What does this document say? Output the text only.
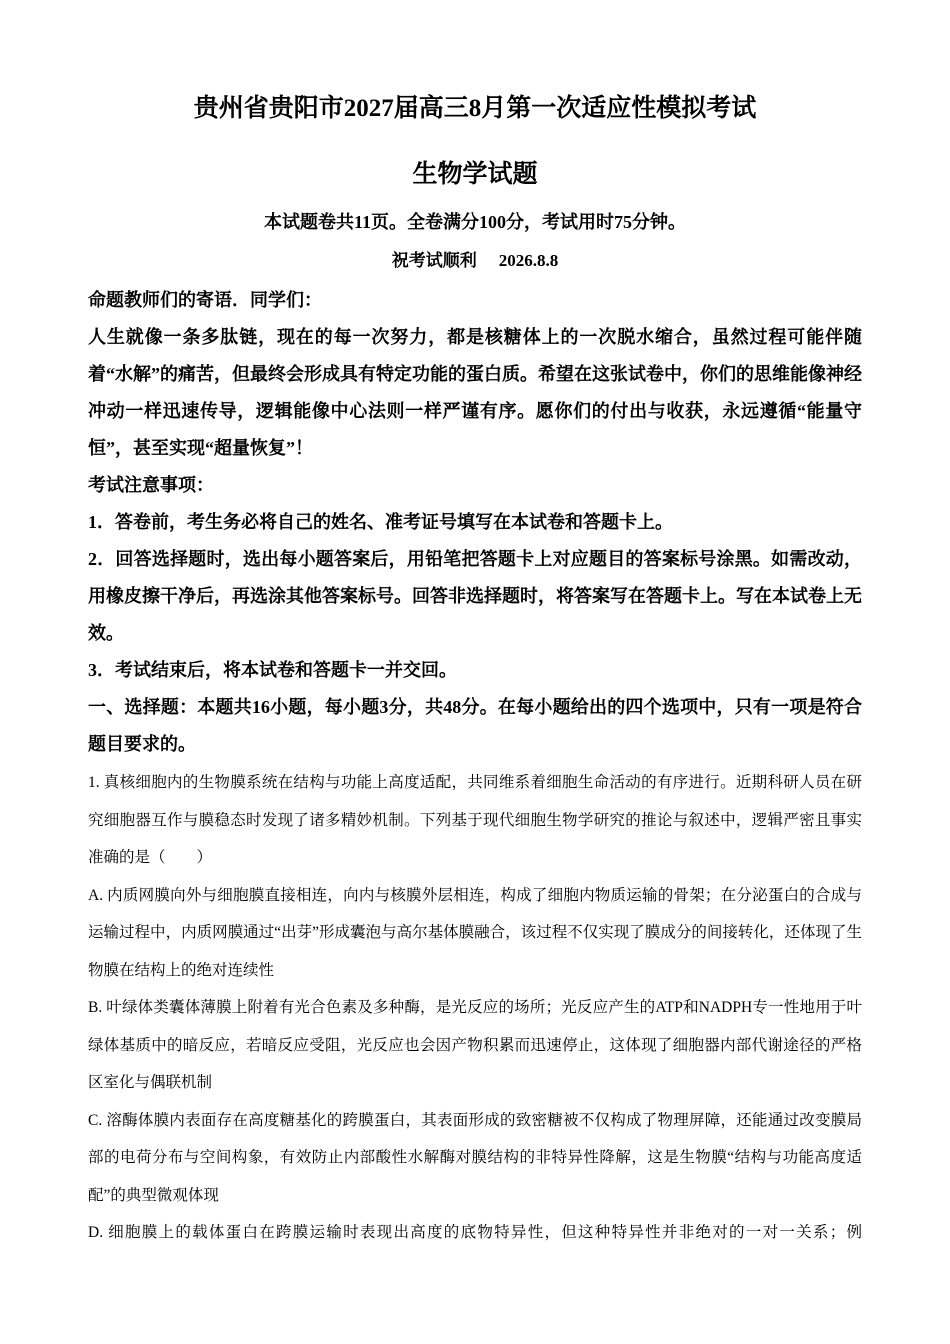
贵州省贵阳市2027届高三8月第一次适应性模拟考试
生物学试题
本试题卷共11页。全卷满分100分，考试用时75分钟。
祝考试顺利 2026.8.8
命题教师们的寄语．同学们：
人生就像一条多肽链，现在的每一次努力，都是核糖体上的一次脱水缩合，虽然过程可能伴随着“水解”的痛苦，但最终会形成具有特定功能的蛋白质。希望在这张试卷中，你们的思维能像神经冲动一样迅速传导，逻辑能像中心法则一样严谨有序。愿你们的付出与收获，永远遵循“能量守恒”，甚至实现“超量恢复”！
考试注意事项：
1．答卷前，考生务必将自己的姓名、准考证号填写在本试卷和答题卡上。
2．回答选择题时，选出每小题答案后，用铅笔把答题卡上对应题目的答案标号涂黑。如需改动，用橡皮擦干净后，再选涂其他答案标号。回答非选择题时，将答案写在答题卡上。写在本试卷上无效。
3．考试结束后，将本试卷和答题卡一并交回。
一、选择题：本题共16小题，每小题3分，共48分。在每小题给出的四个选项中，只有一项是符合题目要求的。
1. 真核细胞内的生物膜系统在结构与功能上高度适配，共同维系着细胞生命活动的有序进行。近期科研人员在研究细胞器互作与膜稳态时发现了诸多精妙机制。下列基于现代细胞生物学研究的推论与叙述中，逻辑严密且事实准确的是（　　）
A. 内质网膜向外与细胞膜直接相连，向内与核膜外层相连，构成了细胞内物质运输的骨架；在分泌蛋白的合成与运输过程中，内质网膜通过“出芽”形成囊泡与高尔基体膜融合，该过程不仅实现了膜成分的间接转化，还体现了生物膜在结构上的绝对连续性
B. 叶绿体类囊体薄膜上附着有光合色素及多种酶，是光反应的场所；光反应产生的ATP和NADPH专一性地用于叶绿体基质中的暗反应，若暗反应受阻，光反应也会因产物积累而迅速停止，这体现了细胞器内部代谢途径的严格区室化与偶联机制
C. 溶酶体膜内表面存在高度糖基化的跨膜蛋白，其表面形成的致密糖被不仅构成了物理屏障，还能通过改变膜局部的电荷分布与空间构象，有效防止内部酸性水解酶对膜结构的非特异性降解，这是生物膜“结构与功能高度适配”的典型微观体现
D. 细胞膜上的载体蛋白在跨膜运输时表现出高度的底物特异性，但这种特异性并非绝对的一对一关系；例
